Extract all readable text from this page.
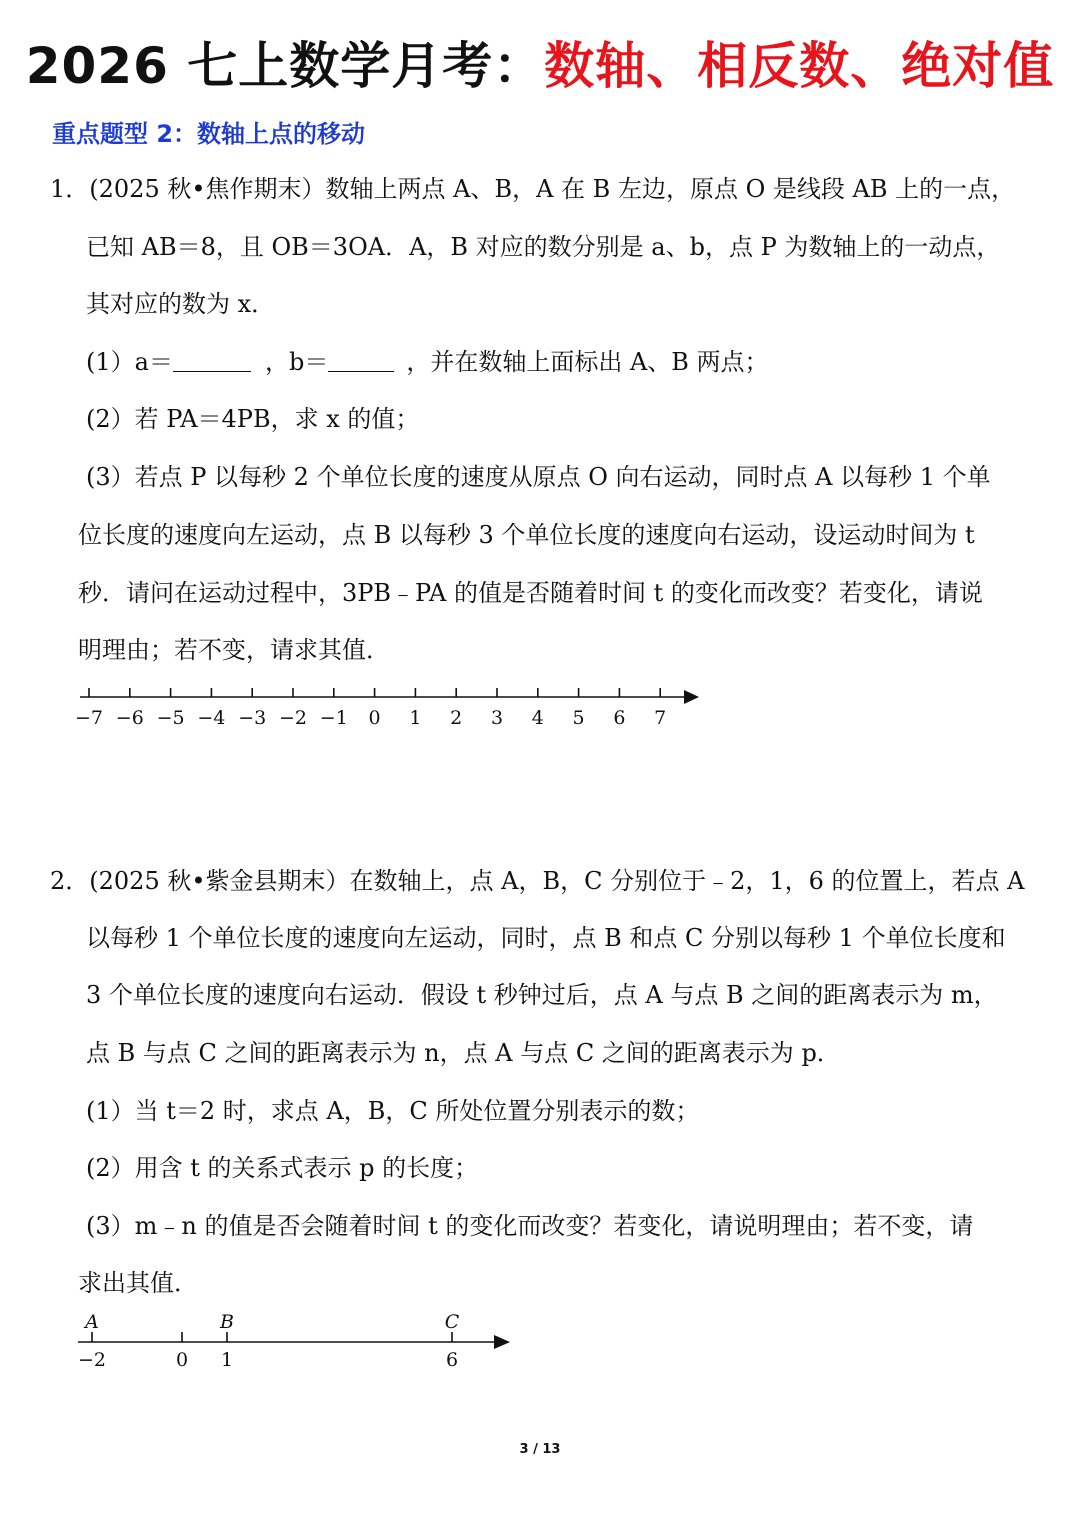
2026 七上数学月考：数轴、相反数、绝对值
重点题型 2：数轴上点的移动
1．(2025 秋•焦作期末）数轴上两点 A、B，A 在 B 左边，原点 O 是线段 AB 上的一点，
已知 AB＝8，且 OB＝3OA．A，B 对应的数分别是 a、b，点 P 为数轴上的一动点，
其对应的数为 x．
(1）a＝	，b＝	，并在数轴上面标出 A、B 两点；
(2）若 PA＝4PB，求 x 的值；
(3）若点 P 以每秒 2 个单位长度的速度从原点 O 向右运动，同时点 A 以每秒 1 个单
位长度的速度向左运动，点 B 以每秒 3 个单位长度的速度向右运动，设运动时间为 t
秒．请问在运动过程中，3PB﹣PA 的值是否随着时间 t 的变化而改变？若变化，请说
明理由；若不变，请求其值．
−7 −6 −5 −4 −3 −2 −1 0 1 2 3 4 5 6 7
A
−2	0
B
1
C
6
2．(2025 秋•紫金县期末）在数轴上，点 A，B，C 分别位于﹣2，1，6 的位置上，若点 A
以每秒 1 个单位长度的速度向左运动，同时，点 B 和点 C 分别以每秒 1 个单位长度和
3 个单位长度的速度向右运动．假设 t 秒钟过后，点 A 与点 B 之间的距离表示为 m，
点 B 与点 C 之间的距离表示为 n，点 A 与点 C 之间的距离表示为 p．
(1）当 t＝2 时，求点 A，B，C 所处位置分别表示的数；
(2）用含 t 的关系式表示 p 的长度；
(3）m﹣n 的值是否会随着时间 t 的变化而改变？若变化，请说明理由；若不变，请
求出其值．
3 / 13
